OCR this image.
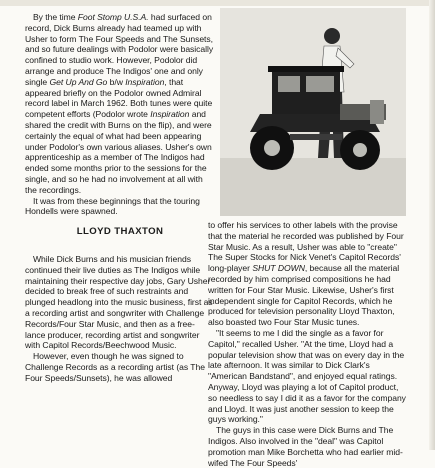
By the time Foot Stomp U.S.A. had surfaced on record, Dick Burns already had teamed up with Usher to form The Four Speeds and The Sunsets, and so future dealings with Podolor were basically confined to studio work. However, Podolor did arrange and produce The Indigos' one and only single Get Up And Go b/w Inspiration, that appeared briefly on the Podolor owned Admiral record label in March 1962. Both tunes were quite competent efforts (Podolor wrote Inspiration and shared the credit with Burns on the flip), and were certainly the equal of what had been appearing under Podolor's own various aliases. Usher's own apprenticeship as a member of The Indigos had ended some months prior to the sessions for the single, and so he had no involvement at all with the recordings.

It was from these beginnings that the touring Hondells were spawned.

LLOYD THAXTON

While Dick Burns and his musician friends continued their live duties as The Indigos while maintaining their respective day jobs, Gary Usher decided to break free of such restraints and plunged headlong into the music business, first as a recording artist and songwriter with Challenge Records/Four Star Music, and then as a free-lance producer, recording artist and songwriter with Capitol Records/Beechwood Music.

However, even though he was signed to Challenge Records as a recording artist (as The Four Speeds/Sunsets), he was allowed

to offer his services to other labels with the provise that the material he recorded was published by Four Star Music. As a result, Usher was able to "create" The Super Stocks for Nick Venet's Capitol Records' long-player SHUT DOWN, because all the material recorded by him comprised compositions he had written for Four Star Music. Likewise, Usher's first independent single for Capitol Records, which he produced for television personality Lloyd Thaxton, also boasted two Four Star Music tunes.

"It seems to me I did the single as a favor for Capitol," recalled Usher. "At the time, Lloyd had a popular television show that was on every day in the late afternoon. It was similar to Dick Clark's "American Bandstand", and enjoyed equal ratings. Anyway, Lloyd was playing a lot of Capitol product, so needless to say I did it as a favor for the company and Lloyd. It was just another session to keep the guys working."

The guys in this case were Dick Burns and The Indigos. Also involved in the "deal" was Capitol promotion man Mike Borchetta who had earlier mid-wifed The Four Speeds'
